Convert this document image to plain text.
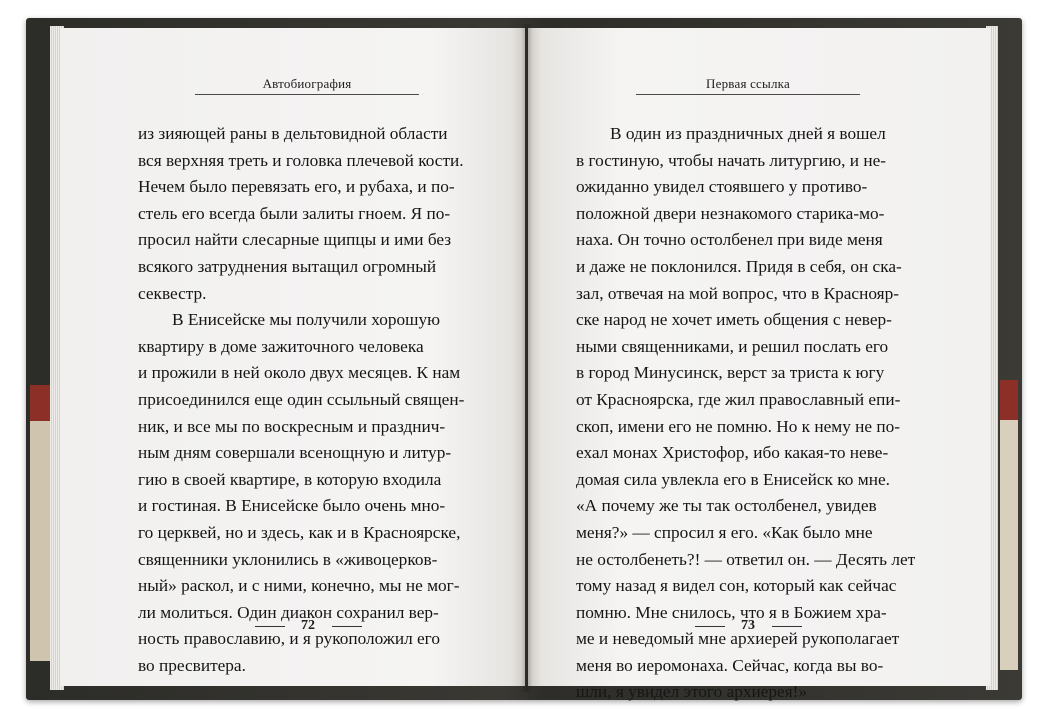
Автобиография
из зияющей раны в дельтовидной области
вся верхняя треть и головка плечевой кости.
Нечем было перевязать его, и рубаха, и по-
стель его всегда были залиты гноем. Я по-
просил найти слесарные щипцы и ими без
всякого затруднения вытащил огромный
секвестр.
В Енисейске мы получили хорошую
квартиру в доме зажиточного человека
и прожили в ней около двух месяцев. К нам
присоединился еще один ссыльный священ-
ник, и все мы по воскресным и празднич-
ным дням совершали всенощную и литур-
гию в своей квартире, в которую входила
и гостиная. В Енисейске было очень мно-
го церквей, но и здесь, как и в Красноярске,
священники уклонились в «живоцерков-
ный» раскол, и с ними, конечно, мы не мог-
ли молиться. Один диакон сохранил вер-
ность православию, и я рукоположил его
во пресвитера.
72
Первая ссылка
В один из праздничных дней я вошел
в гостиную, чтобы начать литургию, и не-
ожиданно увидел стоявшего у противо-
положной двери незнакомого старика-мо-
наха. Он точно остолбенел при виде меня
и даже не поклонился. Придя в себя, он ска-
зал, отвечая на мой вопрос, что в Краснояр-
ске народ не хочет иметь общения с невер-
ными священниками, и решил послать его
в город Минусинск, верст за триста к югу
от Красноярска, где жил православный епи-
скоп, имени его не помню. Но к нему не по-
ехал монах Христофор, ибо какая-то неве-
домая сила увлекла его в Енисейск ко мне.
«А почему же ты так остолбенел, увидев
меня?» — спросил я его. «Как было мне
не остолбенеть?! — ответил он. — Десять лет
тому назад я видел сон, который как сейчас
помню. Мне снилось, что я в Божием хра-
ме и неведомый мне архиерей рукополагает
меня во иеромонаха. Сейчас, когда вы во-
шли, я увидел этого архиерея!»
73
